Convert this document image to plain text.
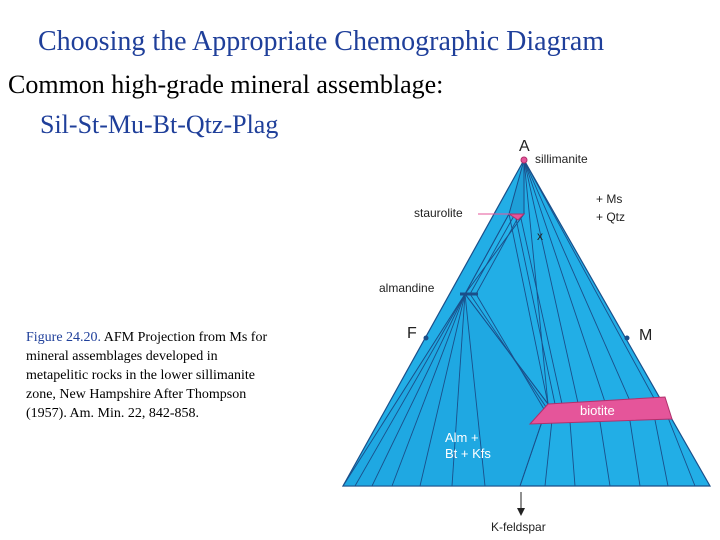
Choosing the Appropriate Chemographic Diagram
Common high-grade mineral assemblage:
Sil-St-Mu-Bt-Qtz-Plag
Figure 24.20. AFM Projection from Ms for mineral assemblages developed in metapelitic rocks in the lower sillimanite zone, New Hampshire After Thompson (1957). Am. Min. 22, 842-858.
A
sillimanite
+ Ms
+ Qtz
staurolite
x
almandine
F	M
biotite
Alm +
Bt + Kfs
K-feldspar
